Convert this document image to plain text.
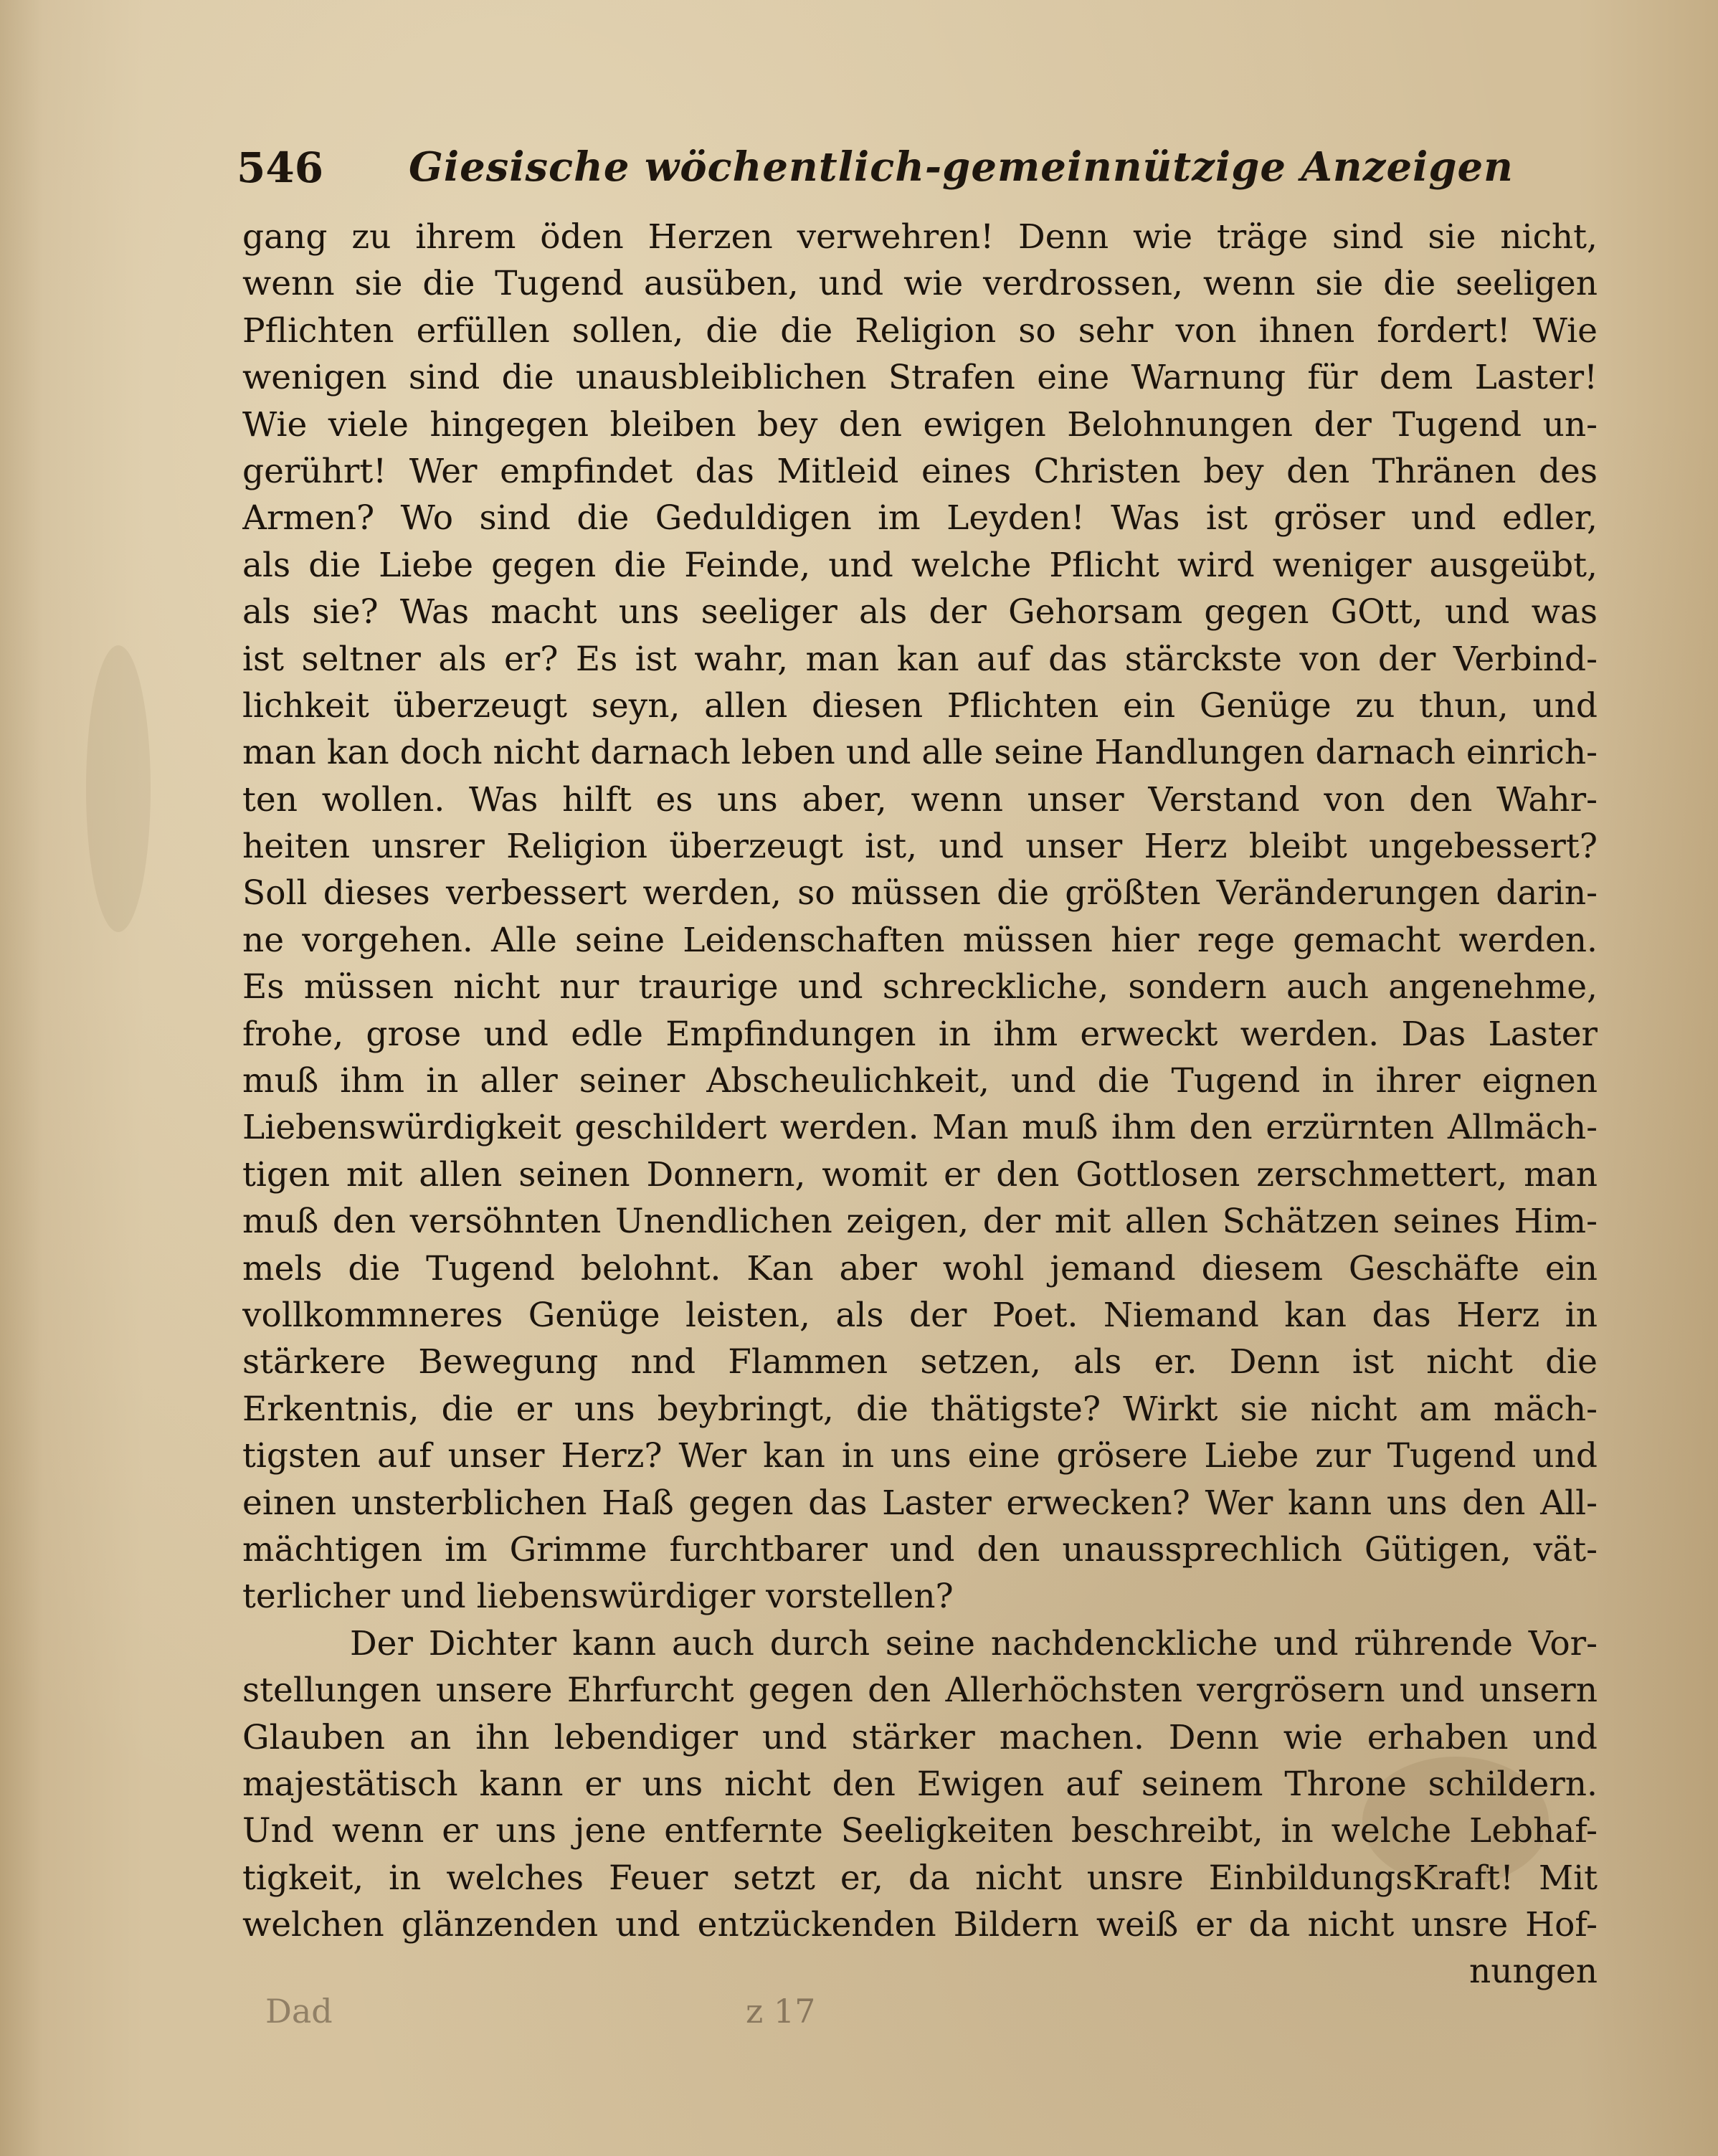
546 Giesische wöchentlich-gemeinnützige Anzeigen
gang zu ihrem öden Herzen verwehren! Denn wie träge sind sie nicht,
wenn sie die Tugend ausüben, und wie verdrossen, wenn sie die seeligen
Pflichten erfüllen sollen, die die Religion so sehr von ihnen fordert! Wie
wenigen sind die unausbleiblichen Strafen eine Warnung für dem Laster!
Wie viele hingegen bleiben bey den ewigen Belohnungen der Tugend un-
gerührt! Wer empfindet das Mitleid eines Christen bey den Thränen des
Armen? Wo sind die Geduldigen im Leyden! Was ist gröser und edler,
als die Liebe gegen die Feinde, und welche Pflicht wird weniger ausgeübt,
als sie? Was macht uns seeliger als der Gehorsam gegen GOtt, und was
ist seltner als er? Es ist wahr, man kan auf das stärckste von der Verbind-
lichkeit überzeugt seyn, allen diesen Pflichten ein Genüge zu thun, und
man kan doch nicht darnach leben und alle seine Handlungen darnach einrich-
ten wollen. Was hilft es uns aber, wenn unser Verstand von den Wahr-
heiten unsrer Religion überzeugt ist, und unser Herz bleibt ungebessert?
Soll dieses verbessert werden, so müssen die größten Veränderungen darin-
ne vorgehen. Alle seine Leidenschaften müssen hier rege gemacht werden.
Es müssen nicht nur traurige und schreckliche, sondern auch angenehme,
frohe, grose und edle Empfindungen in ihm erweckt werden. Das Laster
muß ihm in aller seiner Abscheulichkeit, und die Tugend in ihrer eignen
Liebenswürdigkeit geschildert werden. Man muß ihm den erzürnten Allmäch-
tigen mit allen seinen Donnern, womit er den Gottlosen zerschmettert, man
muß den versöhnten Unendlichen zeigen, der mit allen Schätzen seines Him-
mels die Tugend belohnt. Kan aber wohl jemand diesem Geschäfte ein
vollkommneres Genüge leisten, als der Poet. Niemand kan das Herz in
stärkere Bewegung nnd Flammen setzen, als er. Denn ist nicht die
Erkentnis, die er uns beybringt, die thätigste? Wirkt sie nicht am mäch-
tigsten auf unser Herz? Wer kan in uns eine grösere Liebe zur Tugend und
einen unsterblichen Haß gegen das Laster erwecken? Wer kann uns den All-
mächtigen im Grimme furchtbarer und den unaussprechlich Gütigen, vät-
terlicher und liebenswürdiger vorstellen?
Der Dichter kann auch durch seine nachdenckliche und rührende Vor-
stellungen unsere Ehrfurcht gegen den Allerhöchsten vergrösern und unsern
Glauben an ihn lebendiger und stärker machen. Denn wie erhaben und
majestätisch kann er uns nicht den Ewigen auf seinem Throne schildern.
Und wenn er uns jene entfernte Seeligkeiten beschreibt, in welche Lebhaf-
tigkeit, in welches Feuer setzt er, da nicht unsre EinbildungsKraft! Mit
welchen glänzenden und entzückenden Bildern weiß er da nicht unsre Hof-
nungen
Dad	z 17
